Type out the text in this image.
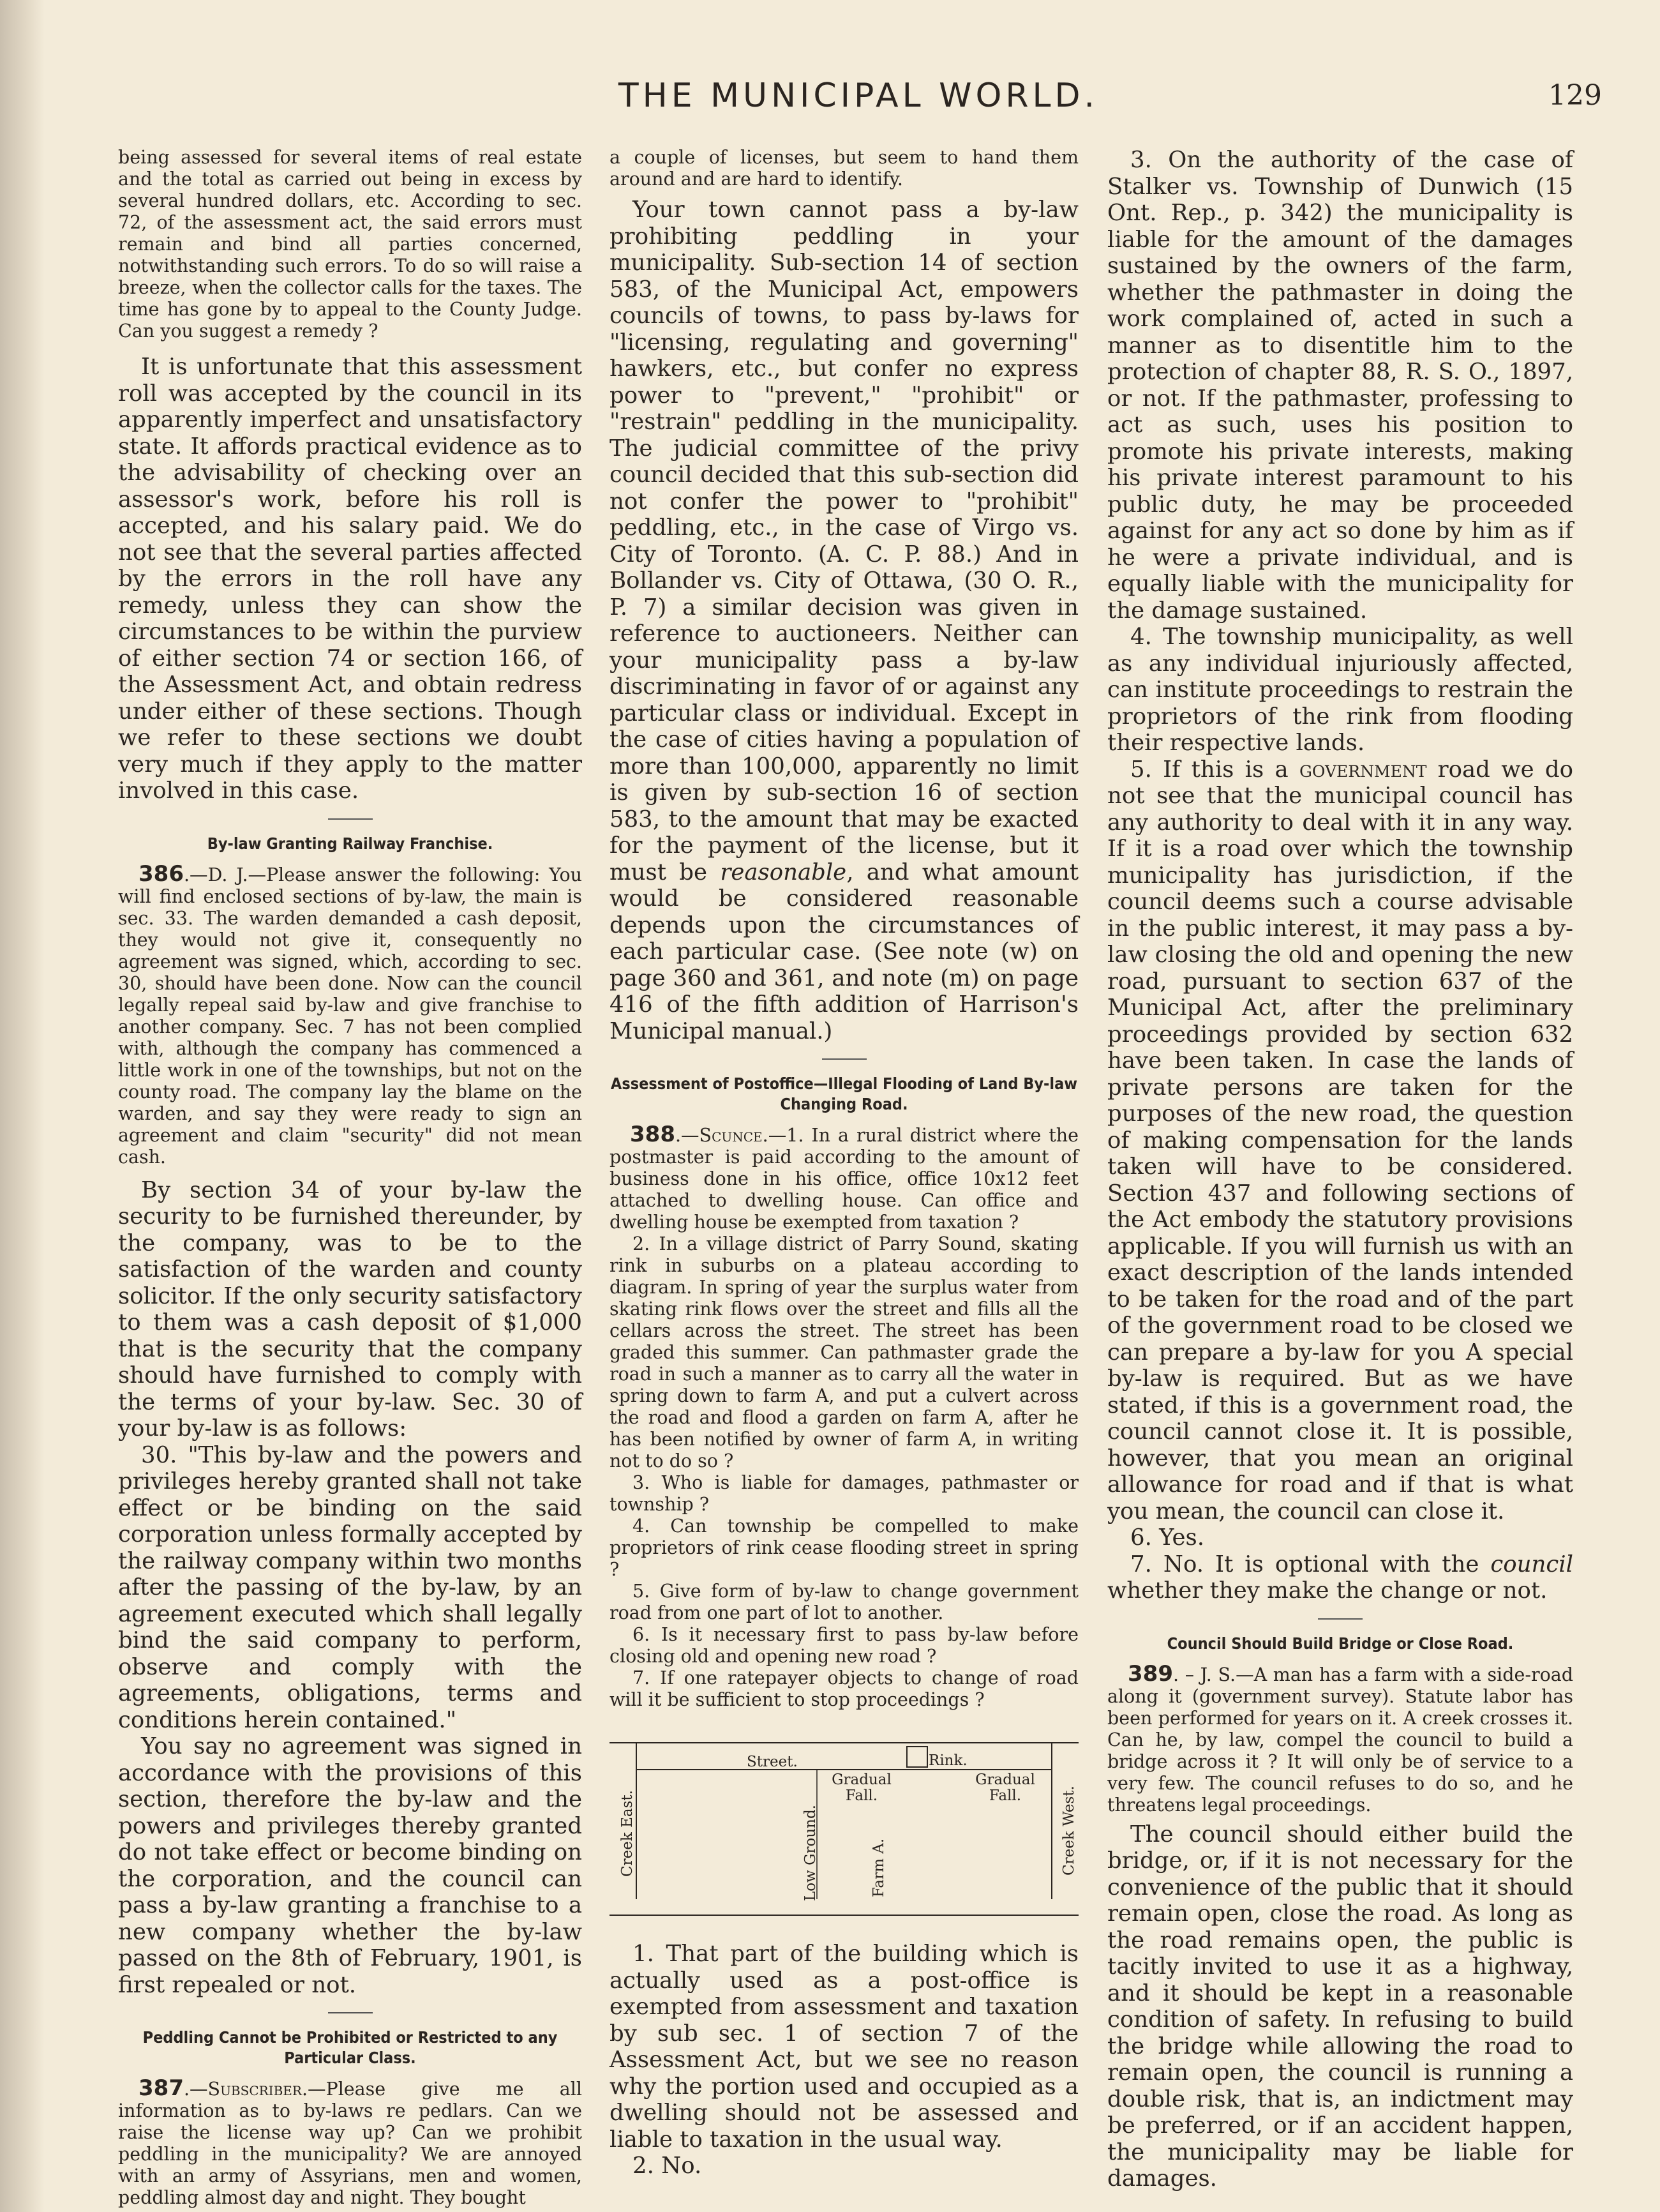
THE MUNICIPAL WORLD.	129

being assessed for several items of real estate and the total as carried out being in excess by several hundred dollars, etc. According to sec. 72, of the assessment act, the said errors must remain and bind all parties concerned, notwithstanding such errors. To do so will raise a breeze, when the collector calls for the taxes. The time has gone by to appeal to the County Judge. Can you suggest a remedy ?

It is unfortunate that this assessment roll was accepted by the council in its apparently imperfect and unsatisfactory state. It affords practical evidence as to the advisability of checking over an assessor's work, before his roll is accepted, and his salary paid. We do not see that the several parties affected by the errors in the roll have any remedy, unless they can show the circumstances to be within the purview of either section 74 or section 166, of the Assessment Act, and obtain redress under either of these sections. Though we refer to these sections we doubt very much if they apply to the matter involved in this case.

By-law Granting Railway Franchise.

386.—D. J.—Please answer the following: You will find enclosed sections of by-law, the main is sec. 33. The warden demanded a cash deposit, they would not give it, consequently no agreement was signed, which, according to sec. 30, should have been done. Now can the council legally repeal said by-law and give franchise to another company. Sec. 7 has not been complied with, although the company has commenced a little work in one of the townships, but not on the county road. The company lay the blame on the warden, and say they were ready to sign an agreement and claim "security" did not mean cash.

By section 34 of your by-law the security to be furnished thereunder, by the company, was to be to the satisfaction of the warden and county solicitor. If the only security satisfactory to them was a cash deposit of $1,000 that is the security that the company should have furnished to comply with the terms of your by-law. Sec. 30 of your by-law is as follows:

30. "This by-law and the powers and privileges hereby granted shall not take effect or be binding on the said corporation unless formally accepted by the railway company within two months after the passing of the by-law, by an agreement executed which shall legally bind the said company to perform, observe and comply with the agreements, obligations, terms and conditions herein contained."

You say no agreement was signed in accordance with the provisions of this section, therefore the by-law and the powers and privileges thereby granted do not take effect or become binding on the corporation, and the council can pass a by-law granting a franchise to a new company whether the by-law passed on the 8th of February, 1901, is first repealed or not.

Peddling Cannot be Prohibited or Restricted to any Particular Class.

387.—Subscriber.—Please give me all information as to by-laws re pedlars. Can we raise the license way up? Can we prohibit peddling in the municipality? We are annoyed with an army of Assyrians, men and women, peddling almost day and night. They bought

a couple of licenses, but seem to hand them around and are hard to identify.

Your town cannot pass a by-law prohibiting peddling in your municipality. Sub-section 14 of section 583, of the Municipal Act, empowers councils of towns, to pass by-laws for "licensing, regulating and governing" hawkers, etc., but confer no express power to "prevent," "prohibit" or "restrain" peddling in the municipality. The judicial committee of the privy council decided that this sub-section did not confer the power to "prohibit" peddling, etc., in the case of Virgo vs. City of Toronto. (A. C. P. 88.) And in Bollander vs. City of Ottawa, (30 O. R., P. 7) a similar decision was given in reference to auctioneers. Neither can your municipality pass a by-law discriminating in favor of or against any particular class or individual. Except in the case of cities having a population of more than 100,000, apparently no limit is given by sub-section 16 of section 583, to the amount that may be exacted for the payment of the license, but it must be reasonable, and what amount would be considered reasonable depends upon the circumstances of each particular case. (See note (w) on page 360 and 361, and note (m) on page 416 of the fifth addition of Harrison's Municipal manual.)

Assessment of Postoffice—Illegal Flooding of Land By-law Changing Road.

388.—Scunce.—1. In a rural district where the postmaster is paid according to the amount of business done in his office, office 10x12 feet attached to dwelling house. Can office and dwelling house be exempted from taxation ?

2. In a village district of Parry Sound, skating rink in suburbs on a plateau according to diagram. In spring of year the surplus water from skating rink flows over the street and fills all the cellars across the street. The street has been graded this summer. Can pathmaster grade the road in such a manner as to carry all the water in spring down to farm A, and put a culvert across the road and flood a garden on farm A, after he has been notified by owner of farm A, in writing not to do so ?

3. Who is liable for damages, pathmaster or township ?

4. Can township be compelled to make proprietors of rink cease flooding street in spring ?

5. Give form of by-law to change government road from one part of lot to another.

6. Is it necessary first to pass by-law before closing old and opening new road ?

7. If one ratepayer objects to change of road will it be sufficient to stop proceedings ?

Street.	Rink.
Gradual Fall.
Gradual Fall.
Creek East.	Creek West.
Low Ground.	Farm A.

1. That part of the building which is actually used as a post-office is exempted from assessment and taxation by sub sec. 1 of section 7 of the Assessment Act, but we see no reason why the portion used and occupied as a dwelling should not be assessed and liable to taxation in the usual way.

2. No.

3. On the authority of the case of Stalker vs. Township of Dunwich (15 Ont. Rep., p. 342) the municipality is liable for the amount of the damages sustained by the owners of the farm, whether the pathmaster in doing the work complained of, acted in such a manner as to disentitle him to the protection of chapter 88, R. S. O., 1897, or not. If the pathmaster, professing to act as such, uses his position to promote his private interests, making his private interest paramount to his public duty, he may be proceeded against for any act so done by him as if he were a private individual, and is equally liable with the municipality for the damage sustained.

4. The township municipality, as well as any individual injuriously affected, can institute proceedings to restrain the proprietors of the rink from flooding their respective lands.

5. If this is a government road we do not see that the municipal council has any authority to deal with it in any way. If it is a road over which the township municipality has jurisdiction, if the council deems such a course advisable in the public interest, it may pass a by-law closing the old and opening the new road, pursuant to section 637 of the Municipal Act, after the preliminary proceedings provided by section 632 have been taken. In case the lands of private persons are taken for the purposes of the new road, the question of making compensation for the lands taken will have to be considered. Section 437 and following sections of the Act embody the statutory provisions applicable. If you will furnish us with an exact description of the lands intended to be taken for the road and of the part of the government road to be closed we can prepare a by-law for you A special by-law is required. But as we have stated, if this is a government road, the council cannot close it. It is possible, however, that you mean an original allowance for road and if that is what you mean, the council can close it.

6. Yes.

7. No. It is optional with the council whether they make the change or not.

Council Should Build Bridge or Close Road.

389. – J. S.—A man has a farm with a side-road along it (government survey). Statute labor has been performed for years on it. A creek crosses it. Can he, by law, compel the council to build a bridge across it ? It will only be of service to a very few. The council refuses to do so, and he threatens legal proceedings.

The council should either build the bridge, or, if it is not necessary for the convenience of the public that it should remain open, close the road. As long as the road remains open, the public is tacitly invited to use it as a highway, and it should be kept in a reasonable condition of safety. In refusing to build the bridge while allowing the road to remain open, the council is running a double risk, that is, an indictment may be preferred, or if an accident happen, the municipality may be liable for damages.
